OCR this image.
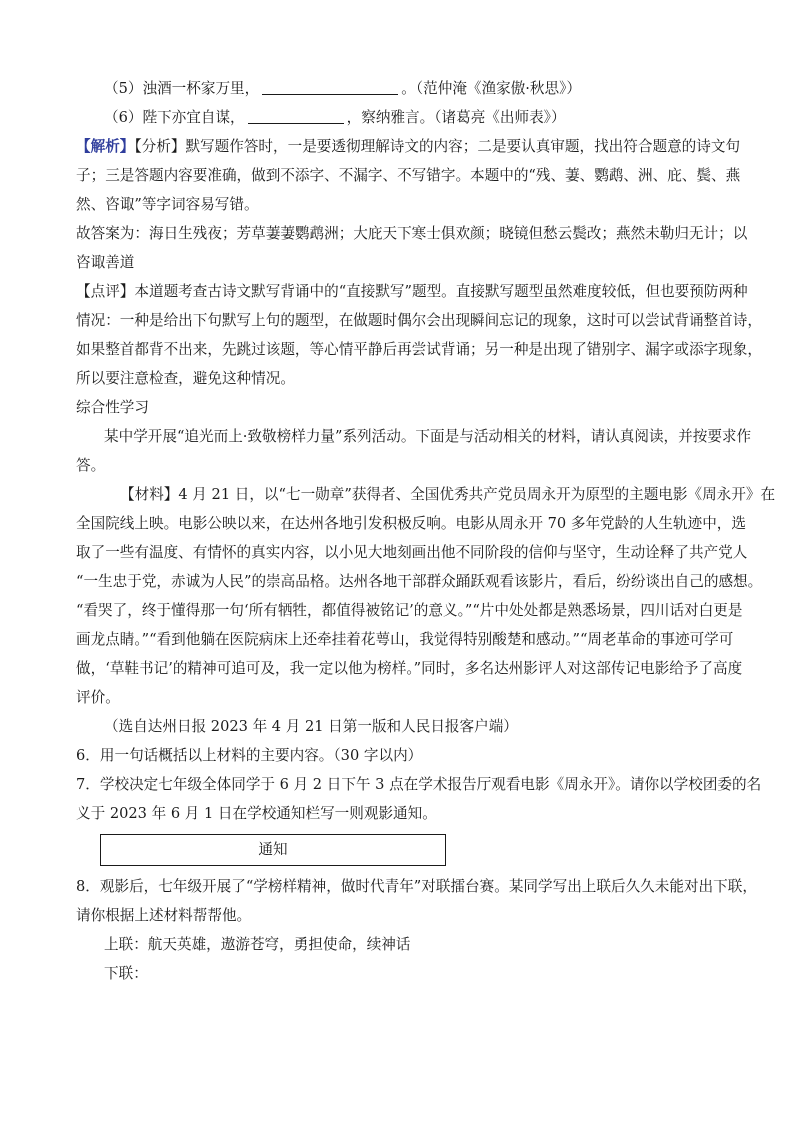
（5）浊酒一杯家万里，	。（范仲淹《渔家傲·秋思》）
（6）陛下亦宜自谋，	，察纳雅言。（诸葛亮《出师表》）
【解析】【分析】默写题作答时，一是要透彻理解诗文的内容；二是要认真审题，找出符合题意的诗文句
子；三是答题内容要准确，做到不添字、不漏字、不写错字。本题中的“残、萋、鹦鹉、洲、庇、鬓、燕
然、咨诹”等字词容易写错。
故答案为：海日生残夜；芳草萋萋鹦鹉洲；大庇天下寒士俱欢颜；晓镜但愁云鬓改；燕然未勒归无计；以
咨诹善道
【点评】本道题考查古诗文默写背诵中的“直接默写”题型。直接默写题型虽然难度较低，但也要预防两种
情况：一种是给出下句默写上句的题型，在做题时偶尔会出现瞬间忘记的现象，这时可以尝试背诵整首诗，
如果整首都背不出来，先跳过该题，等心情平静后再尝试背诵；另一种是出现了错别字、漏字或添字现象，
所以要注意检查，避免这种情况。
综合性学习
某中学开展“追光而上·致敬榜样力量”系列活动。下面是与活动相关的材料，请认真阅读，并按要求作
答。
【材料】4 月 21 日，以“七一勋章”获得者、全国优秀共产党员周永开为原型的主题电影《周永开》在
全国院线上映。电影公映以来，在达州各地引发积极反响。电影从周永开 70 多年党龄的人生轨迹中，选
取了一些有温度、有情怀的真实内容，以小见大地刻画出他不同阶段的信仰与坚守，生动诠释了共产党人
“一生忠于党，赤诚为人民”的崇高品格。达州各地干部群众踊跃观看该影片，看后，纷纷谈出自己的感想。
“看哭了，终于懂得那一句‘所有牺牲，都值得被铭记’的意义。”“片中处处都是熟悉场景，四川话对白更是
画龙点睛。”“看到他躺在医院病床上还牵挂着花萼山，我觉得特别酸楚和感动。”“周老革命的事迹可学可
做，‘草鞋书记’的精神可追可及，我一定以他为榜样。”同时，多名达州影评人对这部传记电影给予了高度
评价。
（选自达州日报 2023 年 4 月 21 日第一版和人民日报客户端）
6．用一句话概括以上材料的主要内容。（30 字以内）
7．学校决定七年级全体同学于 6 月 2 日下午 3 点在学术报告厅观看电影《周永开》。请你以学校团委的名
义于 2023 年 6 月 1 日在学校通知栏写一则观影通知。
通知
8．观影后，七年级开展了“学榜样精神，做时代青年”对联擂台赛。某同学写出上联后久久未能对出下联，
请你根据上述材料帮帮他。
上联：航天英雄，遨游苍穹，勇担使命，续神话
下联：
